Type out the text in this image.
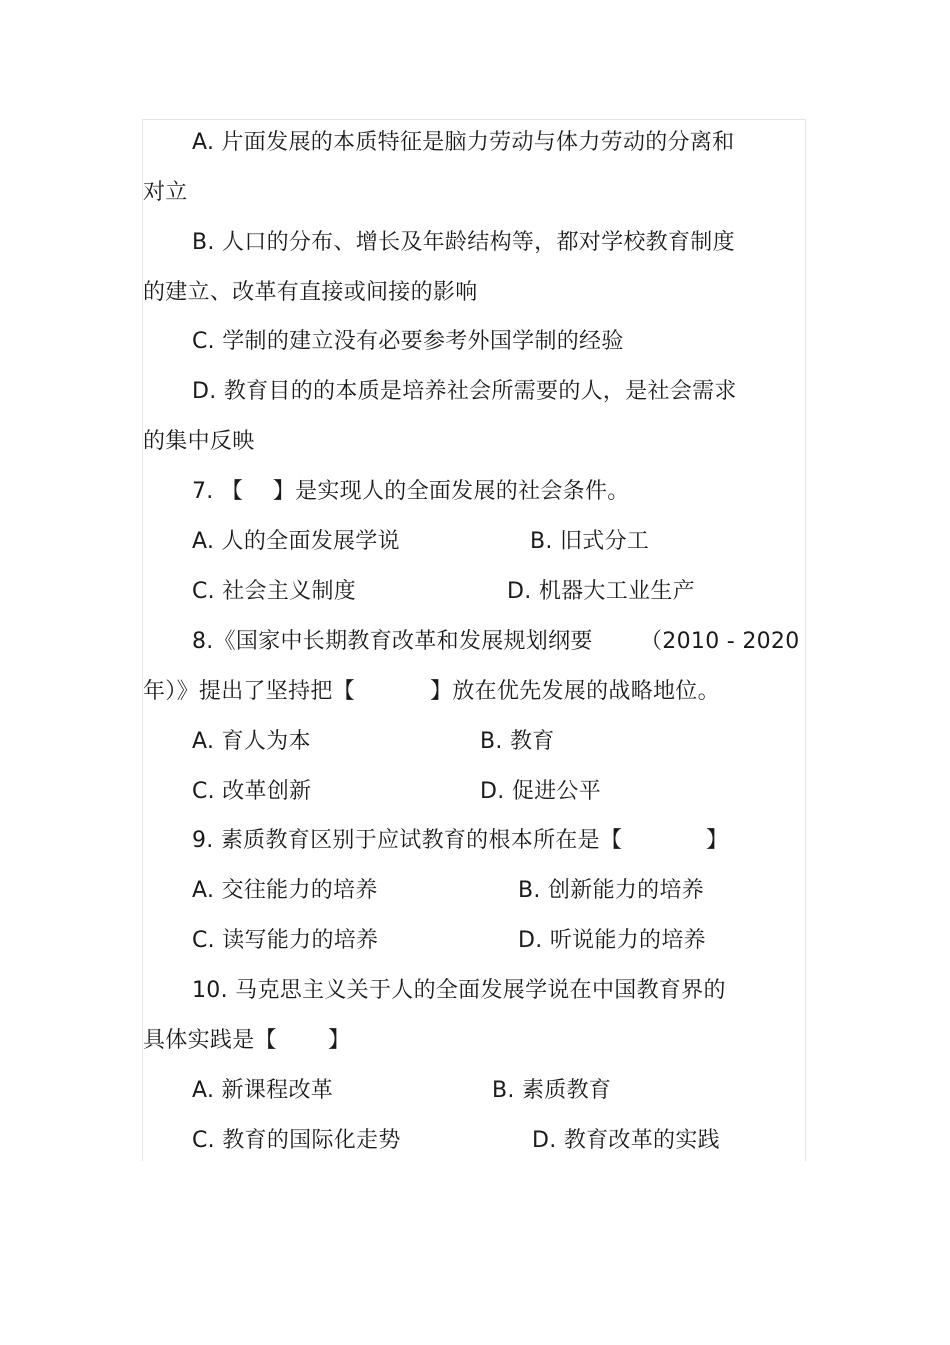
A. 片面发展的本质特征是脑力劳动与体力劳动的分离和
对立
B. 人口的分布、增长及年龄结构等，都对学校教育制度
的建立、改革有直接或间接的影响
C. 学制的建立没有必要参考外国学制的经验
D. 教育目的的本质是培养社会所需要的人，是社会需求
的集中反映
7. 【　 】是实现人的全面发展的社会条件。
A. 人的全面发展学说	B. 旧式分工
C. 社会主义制度	D. 机器大工业生产
8.《国家中长期教育改革和发展规划纲要 （2010 - 2020
年）》提出了坚持把【	】放在优先发展的战略地位。
A. 育人为本	B. 教育
C. 改革创新	D. 促进公平
9. 素质教育区别于应试教育的根本所在是【	】
A. 交往能力的培养	B. 创新能力的培养
C. 读写能力的培养	D. 听说能力的培养
10. 马克思主义关于人的全面发展学说在中国教育界的
具体实践是【 】
A. 新课程改革	B. 素质教育
C. 教育的国际化走势	D. 教育改革的实践
